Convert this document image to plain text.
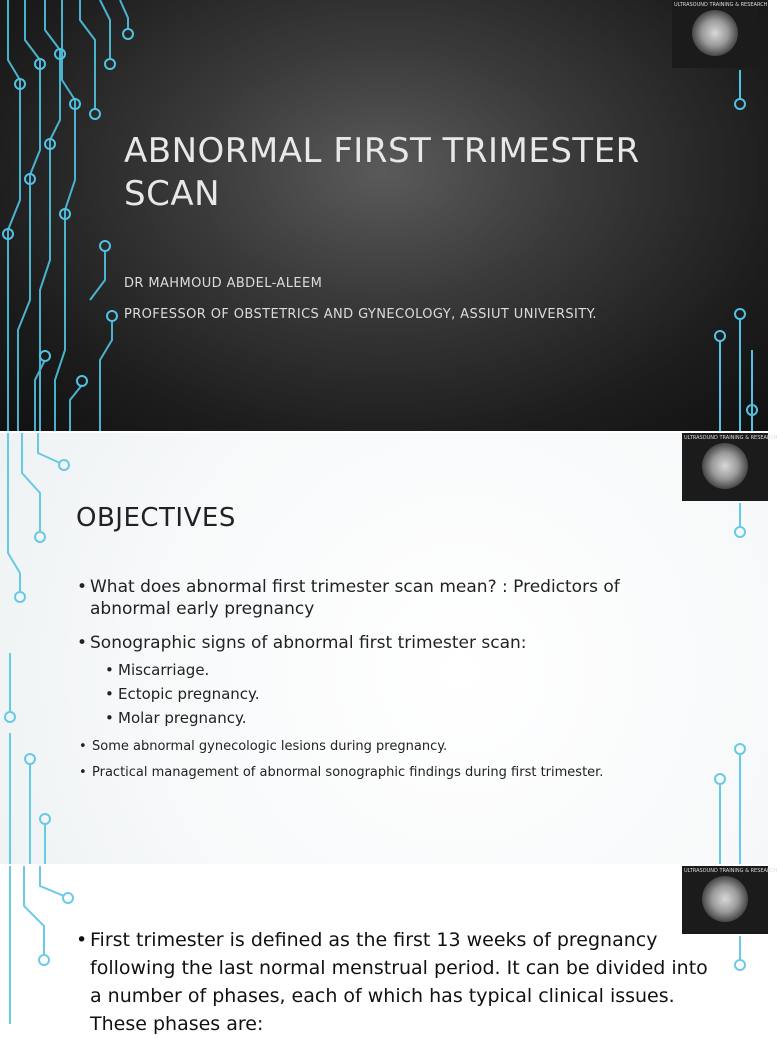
ULTRASOUND TRAINING & RESEARCH
ABNORMAL FIRST TRIMESTER SCAN
DR MAHMOUD ABDEL-ALEEM
PROFESSOR OF OBSTETRICS AND GYNECOLOGY, ASSIUT UNIVERSITY.
ULTRASOUND TRAINING & RESEARCH
OBJECTIVES
• What does abnormal first trimester scan mean? : Predictors of abnormal early pregnancy
• Sonographic signs of abnormal first trimester scan:
• Miscarriage.
• Ectopic pregnancy.
• Molar pregnancy.
• Some abnormal gynecologic lesions during pregnancy.
• Practical management of abnormal sonographic findings during first trimester.
ULTRASOUND TRAINING & RESEARCH
• First trimester is defined as the first 13 weeks of pregnancy following the last normal menstrual period. It can be divided into a number of phases, each of which has typical clinical issues. These phases are:
